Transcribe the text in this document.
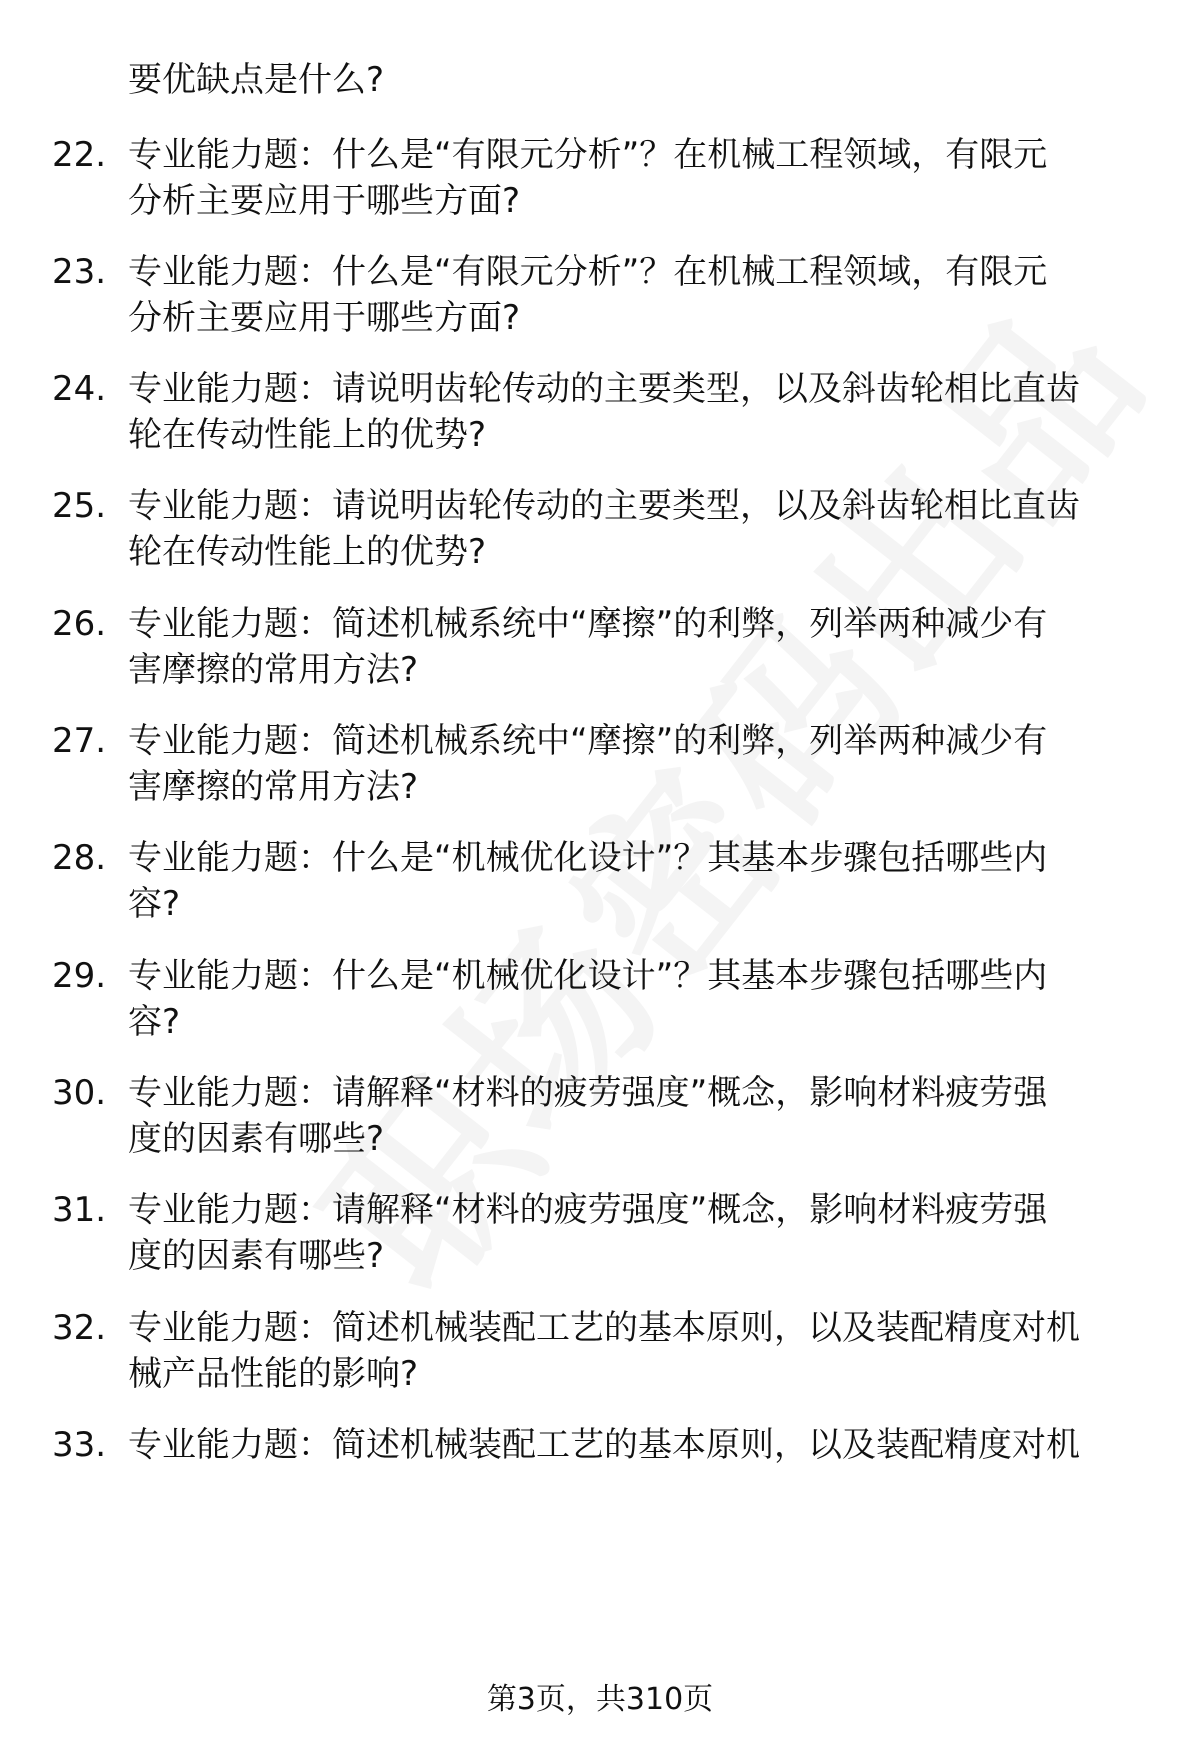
要优缺点是什么?
22. 专业能力题：什么是“有限元分析”？在机械工程领域，有限元
分析主要应用于哪些方面?
23. 专业能力题：什么是“有限元分析”？在机械工程领域，有限元
分析主要应用于哪些方面?
24. 专业能力题：请说明齿轮传动的主要类型，以及斜齿轮相比直齿
轮在传动性能上的优势?
25. 专业能力题：请说明齿轮传动的主要类型，以及斜齿轮相比直齿
轮在传动性能上的优势?
26. 专业能力题：简述机械系统中“摩擦”的利弊，列举两种减少有
害摩擦的常用方法?
27. 专业能力题：简述机械系统中“摩擦”的利弊，列举两种减少有
害摩擦的常用方法?
28. 专业能力题：什么是“机械优化设计”？其基本步骤包括哪些内
容?
29. 专业能力题：什么是“机械优化设计”？其基本步骤包括哪些内
容?
30. 专业能力题：请解释“材料的疲劳强度”概念，影响材料疲劳强
度的因素有哪些?
31. 专业能力题：请解释“材料的疲劳强度”概念，影响材料疲劳强
度的因素有哪些?
32. 专业能力题：简述机械装配工艺的基本原则，以及装配精度对机
械产品性能的影响?
33. 专业能力题：简述机械装配工艺的基本原则，以及装配精度对机
第3页，共310页
